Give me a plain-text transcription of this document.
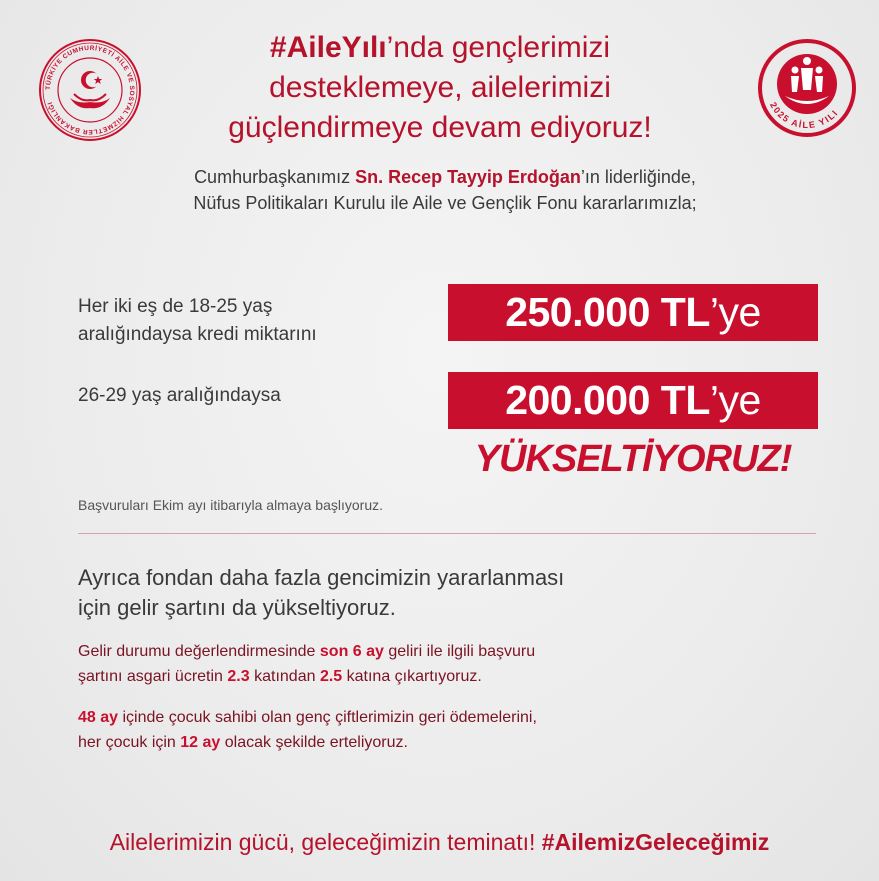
TÜRKİYE CUMHURİYETİ AİLE VE SOSYAL HİZMETLER BAKANLIĞI	2025 AİLE YILI
#AileYılı’nda gençlerimizi
desteklemeye, ailelerimizi
güçlendirmeye devam ediyoruz!
Cumhurbaşkanımız Sn. Recep Tayyip Erdoğan’ın liderliğinde,
Nüfus Politikaları Kurulu ile Aile ve Gençlik Fonu kararlarımızla;
Her iki eş de 18-25 yaş
aralığındaysa kredi miktarını	250.000 TL’ye
26-29 yaş aralığındaysa	200.000 TL’ye
YÜKSELTİYORUZ!
Başvuruları Ekim ayı itibarıyla almaya başlıyoruz.
Ayrıca fondan daha fazla gencimizin yararlanması
için gelir şartını da yükseltiyoruz.
Gelir durumu değerlendirmesinde son 6 ay geliri ile ilgili başvuru
şartını asgari ücretin 2.3 katından 2.5 katına çıkartıyoruz.
48 ay içinde çocuk sahibi olan genç çiftlerimizin geri ödemelerini,
her çocuk için 12 ay olacak şekilde erteliyoruz.
Ailelerimizin gücü, geleceğimizin teminatı! #AilemizGeleceğimiz
